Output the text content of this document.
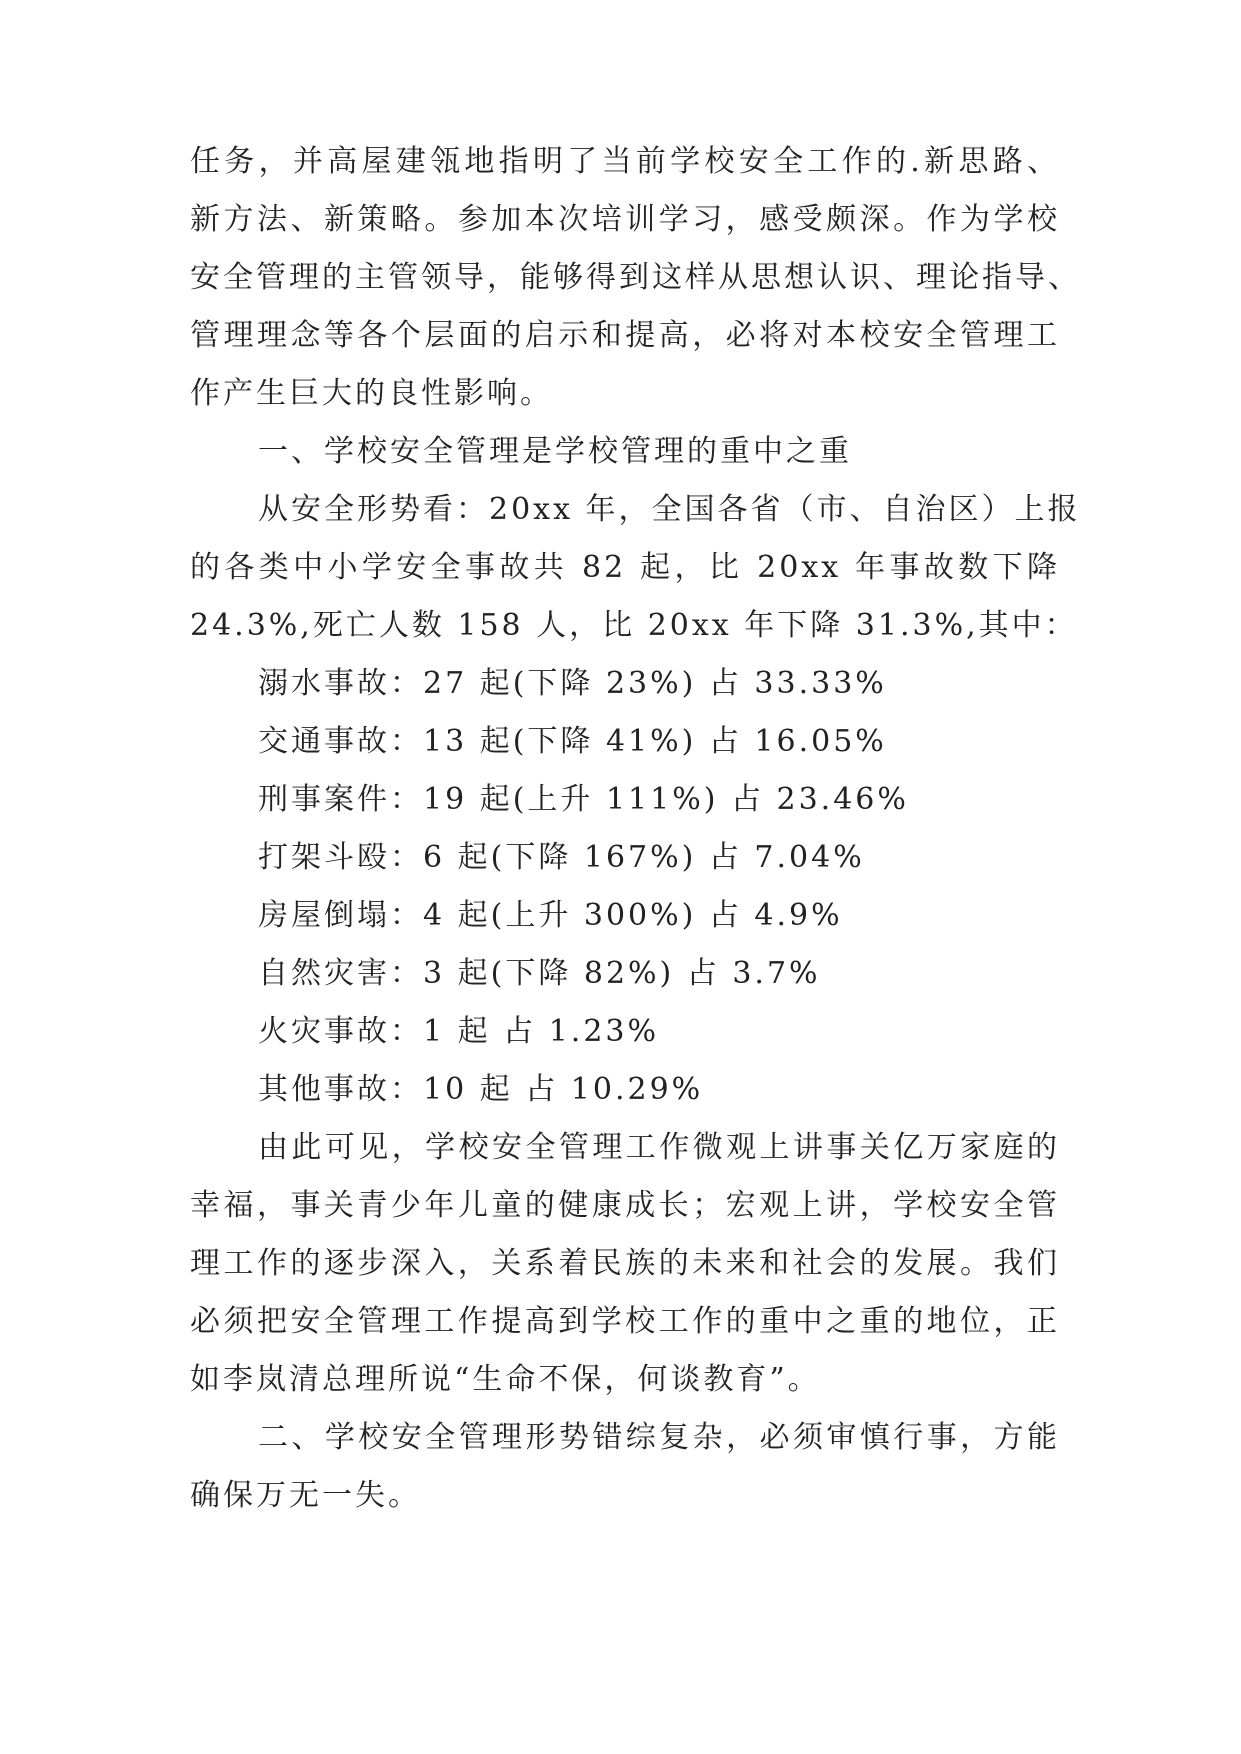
任务，并高屋建瓴地指明了当前学校安全工作的.新思路、
新方法、新策略。参加本次培训学习，感受颇深。作为学校
安全管理的主管领导，能够得到这样从思想认识、理论指导、
管理理念等各个层面的启示和提高，必将对本校安全管理工
作产生巨大的良性影响。
一、学校安全管理是学校管理的重中之重
从安全形势看：20xx 年，全国各省（市、自治区）上报
的各类中小学安全事故共 82 起，比 20xx 年事故数下降
24.3%,死亡人数 158 人，比 20xx 年下降 31.3%,其中：
溺水事故：27 起(下降 23%) 占 33.33%
交通事故：13 起(下降 41%) 占 16.05%
刑事案件：19 起(上升 111%) 占 23.46%
打架斗殴：6 起(下降 167%) 占 7.04%
房屋倒塌：4 起(上升 300%) 占 4.9%
自然灾害：3 起(下降 82%) 占 3.7%
火灾事故：1 起 占 1.23%
其他事故：10 起 占 10.29%
由此可见，学校安全管理工作微观上讲事关亿万家庭的
幸福，事关青少年儿童的健康成长；宏观上讲，学校安全管
理工作的逐步深入，关系着民族的未来和社会的发展。我们
必须把安全管理工作提高到学校工作的重中之重的地位，正
如李岚清总理所说“生命不保，何谈教育”。
二、学校安全管理形势错综复杂，必须审慎行事，方能
确保万无一失。
